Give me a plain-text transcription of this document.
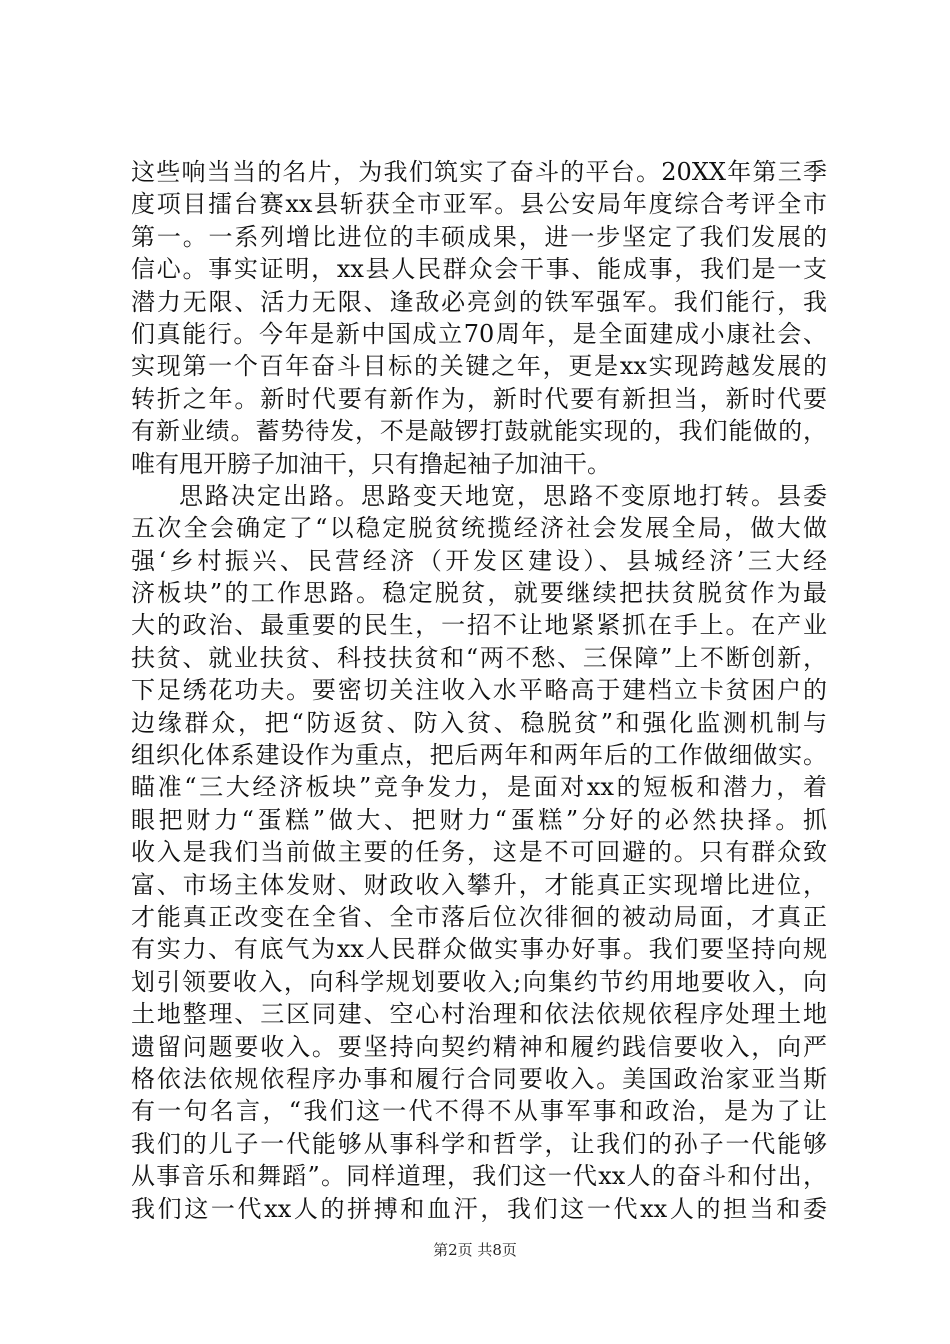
这些响当当的名片，为我们筑实了奋斗的平台。20XX年第三季
度项目擂台赛xx县斩获全市亚军。县公安局年度综合考评全市
第一。一系列增比进位的丰硕成果，进一步坚定了我们发展的
信心。事实证明，xx县人民群众会干事、能成事，我们是一支
潜力无限、活力无限、逢敌必亮剑的铁军强军。我们能行，我
们真能行。今年是新中国成立70周年，是全面建成小康社会、
实现第一个百年奋斗目标的关键之年，更是xx实现跨越发展的
转折之年。新时代要有新作为，新时代要有新担当，新时代要
有新业绩。蓄势待发，不是敲锣打鼓就能实现的，我们能做的，
唯有甩开膀子加油干，只有撸起袖子加油干。
思路决定出路。思路变天地宽，思路不变原地打转。县委
五次全会确定了“以稳定脱贫统揽经济社会发展全局，做大做
强‘乡村振兴、民营经济（开发区建设）、县城经济’三大经
济板块”的工作思路。稳定脱贫，就要继续把扶贫脱贫作为最
大的政治、最重要的民生，一招不让地紧紧抓在手上。在产业
扶贫、就业扶贫、科技扶贫和“两不愁、三保障”上不断创新，
下足绣花功夫。要密切关注收入水平略高于建档立卡贫困户的
边缘群众，把“防返贫、防入贫、稳脱贫”和强化监测机制与
组织化体系建设作为重点，把后两年和两年后的工作做细做实。
瞄准“三大经济板块”竞争发力，是面对xx的短板和潜力，着
眼把财力“蛋糕”做大、把财力“蛋糕”分好的必然抉择。抓
收入是我们当前做主要的任务，这是不可回避的。只有群众致
富、市场主体发财、财政收入攀升，才能真正实现增比进位，
才能真正改变在全省、全市落后位次徘徊的被动局面，才真正
有实力、有底气为xx人民群众做实事办好事。我们要坚持向规
划引领要收入，向科学规划要收入;向集约节约用地要收入，向
土地整理、三区同建、空心村治理和依法依规依程序处理土地
遗留问题要收入。要坚持向契约精神和履约践信要收入，向严
格依法依规依程序办事和履行合同要收入。美国政治家亚当斯
有一句名言，“我们这一代不得不从事军事和政治，是为了让
我们的儿子一代能够从事科学和哲学，让我们的孙子一代能够
从事音乐和舞蹈”。同样道理，我们这一代xx人的奋斗和付出，
我们这一代xx人的拼搏和血汗，我们这一代xx人的担当和委
第2页 共8页
